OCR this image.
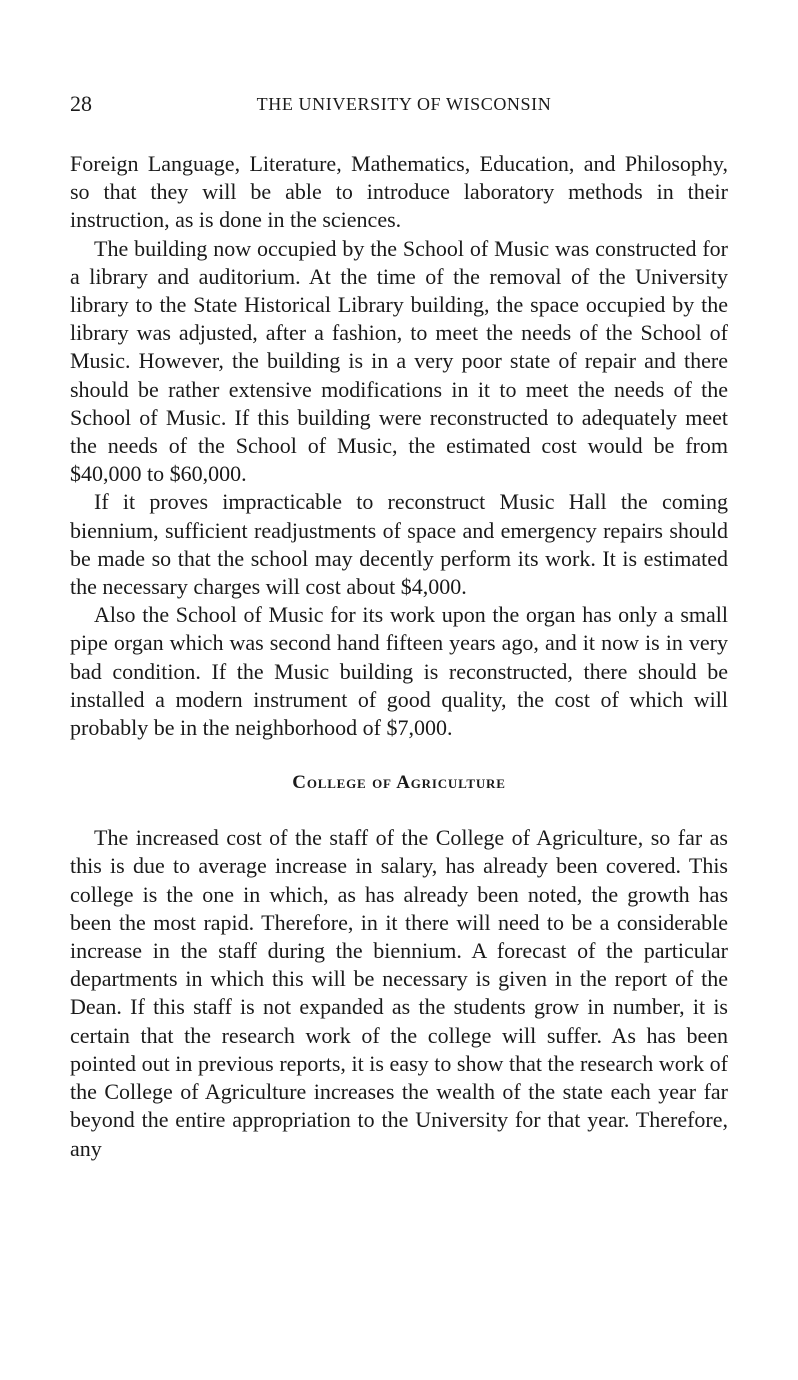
28	THE UNIVERSITY OF WISCONSIN

Foreign Language, Literature, Mathematics, Education, and Philosophy, so that they will be able to introduce laboratory methods in their instruction, as is done in the sciences.

The building now occupied by the School of Music was constructed for a library and auditorium. At the time of the removal of the University library to the State Historical Library building, the space occupied by the library was adjusted, after a fashion, to meet the needs of the School of Music. However, the building is in a very poor state of repair and there should be rather extensive modifications in it to meet the needs of the School of Music. If this building were reconstructed to adequately meet the needs of the School of Music, the estimated cost would be from $40,000 to $60,000.

If it proves impracticable to reconstruct Music Hall the coming biennium, sufficient readjustments of space and emergency repairs should be made so that the school may decently perform its work. It is estimated the necessary charges will cost about $4,000.

Also the School of Music for its work upon the organ has only a small pipe organ which was second hand fifteen years ago, and it now is in very bad condition. If the Music building is reconstructed, there should be installed a modern instrument of good quality, the cost of which will probably be in the neighborhood of $7,000.

College of Agriculture

The increased cost of the staff of the College of Agriculture, so far as this is due to average increase in salary, has already been covered. This college is the one in which, as has already been noted, the growth has been the most rapid. Therefore, in it there will need to be a considerable increase in the staff during the biennium. A forecast of the particular departments in which this will be necessary is given in the report of the Dean. If this staff is not expanded as the students grow in number, it is certain that the research work of the college will suffer. As has been pointed out in previous reports, it is easy to show that the research work of the College of Agriculture increases the wealth of the state each year far beyond the entire appropriation to the University for that year. Therefore, any
